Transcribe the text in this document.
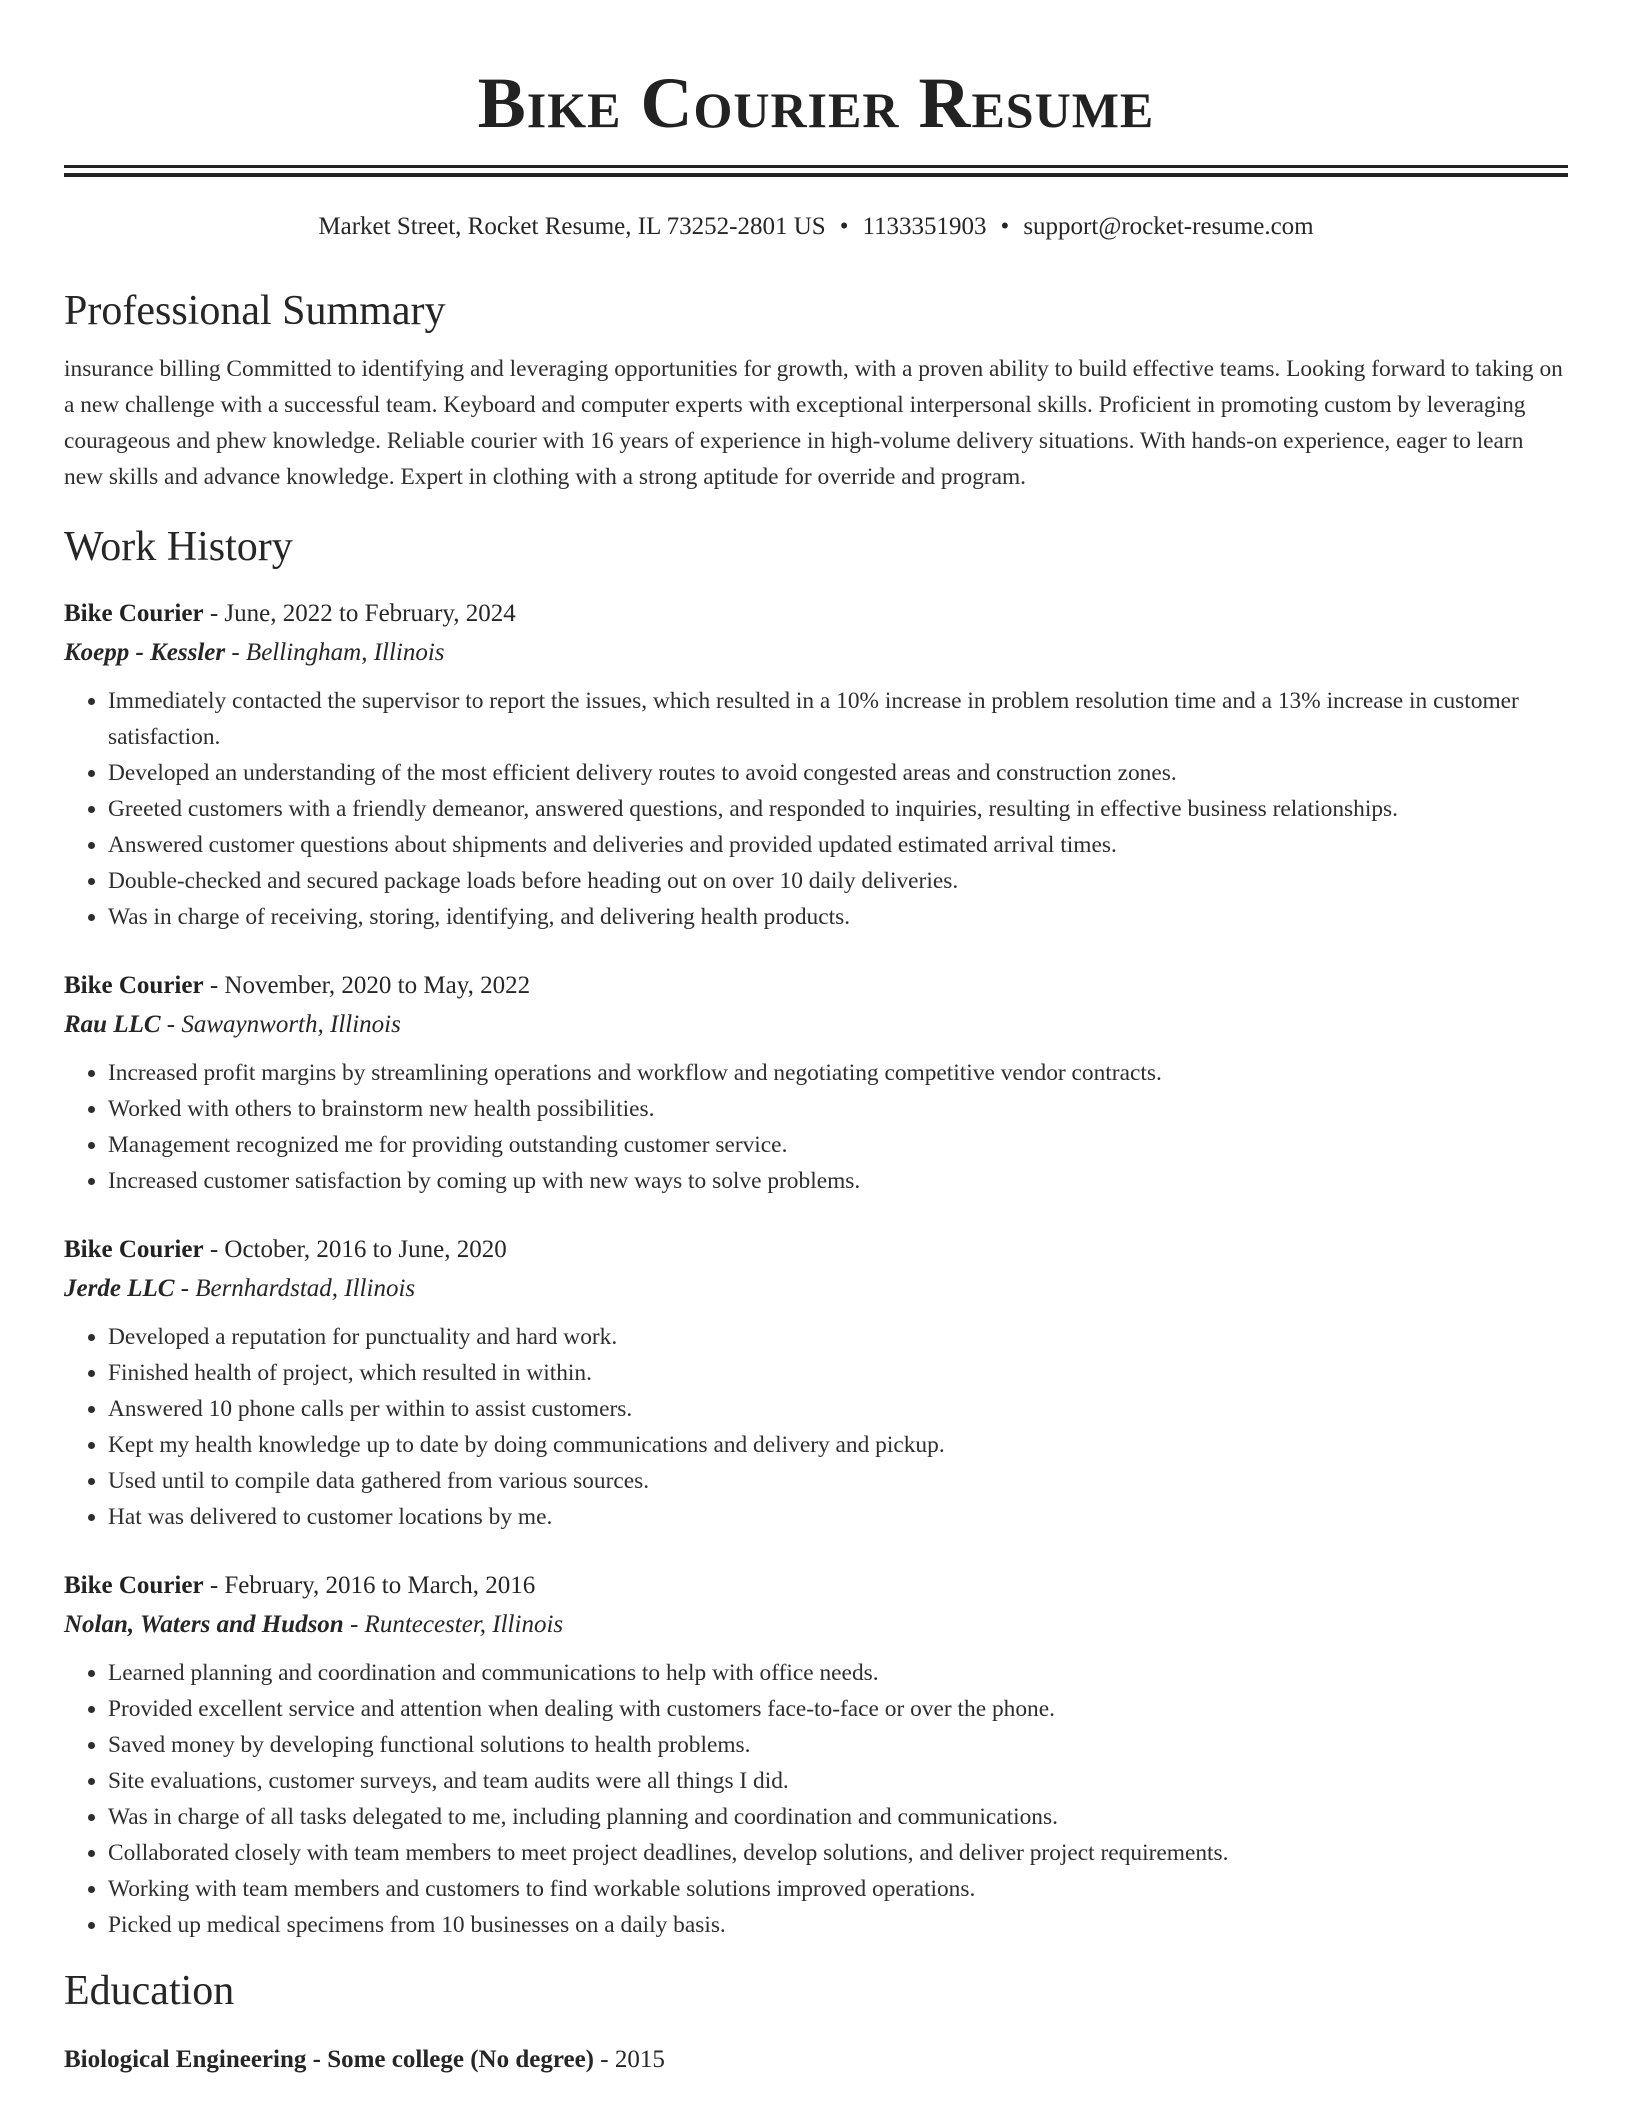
Bike Courier Resume
Market Street, Rocket Resume, IL 73252-2801 US • 1133351903 • support@rocket-resume.com
Professional Summary

insurance billing Committed to identifying and leveraging opportunities for growth, with a proven ability to build effective teams. Looking forward to taking on a new challenge with a successful team. Keyboard and computer experts with exceptional interpersonal skills. Proficient in promoting custom by leveraging courageous and phew knowledge. Reliable courier with 16 years of experience in high-volume delivery situations. With hands-on experience, eager to learn new skills and advance knowledge. Expert in clothing with a strong aptitude for override and program.

Work History
Bike Courier - June, 2022 to February, 2024
Koepp - Kessler - Bellingham, Illinois
• Immediately contacted the supervisor to report the issues, which resulted in a 10% increase in problem resolution time and a 13% increase in customer satisfaction.
• Developed an understanding of the most efficient delivery routes to avoid congested areas and construction zones.
• Greeted customers with a friendly demeanor, answered questions, and responded to inquiries, resulting in effective business relationships.
• Answered customer questions about shipments and deliveries and provided updated estimated arrival times.
• Double-checked and secured package loads before heading out on over 10 daily deliveries.
• Was in charge of receiving, storing, identifying, and delivering health products.
Bike Courier - November, 2020 to May, 2022
Rau LLC - Sawaynworth, Illinois
• Increased profit margins by streamlining operations and workflow and negotiating competitive vendor contracts.
• Worked with others to brainstorm new health possibilities.
• Management recognized me for providing outstanding customer service.
• Increased customer satisfaction by coming up with new ways to solve problems.
Bike Courier - October, 2016 to June, 2020
Jerde LLC - Bernhardstad, Illinois
• Developed a reputation for punctuality and hard work.
• Finished health of project, which resulted in within.
• Answered 10 phone calls per within to assist customers.
• Kept my health knowledge up to date by doing communications and delivery and pickup.
• Used until to compile data gathered from various sources.
• Hat was delivered to customer locations by me.
Bike Courier - February, 2016 to March, 2016
Nolan, Waters and Hudson - Runtecester, Illinois
• Learned planning and coordination and communications to help with office needs.
• Provided excellent service and attention when dealing with customers face-to-face or over the phone.
• Saved money by developing functional solutions to health problems.
• Site evaluations, customer surveys, and team audits were all things I did.
• Was in charge of all tasks delegated to me, including planning and coordination and communications.
• Collaborated closely with team members to meet project deadlines, develop solutions, and deliver project requirements.
• Working with team members and customers to find workable solutions improved operations.
• Picked up medical specimens from 10 businesses on a daily basis.
Education
Biological Engineering - Some college (No degree) - 2015
